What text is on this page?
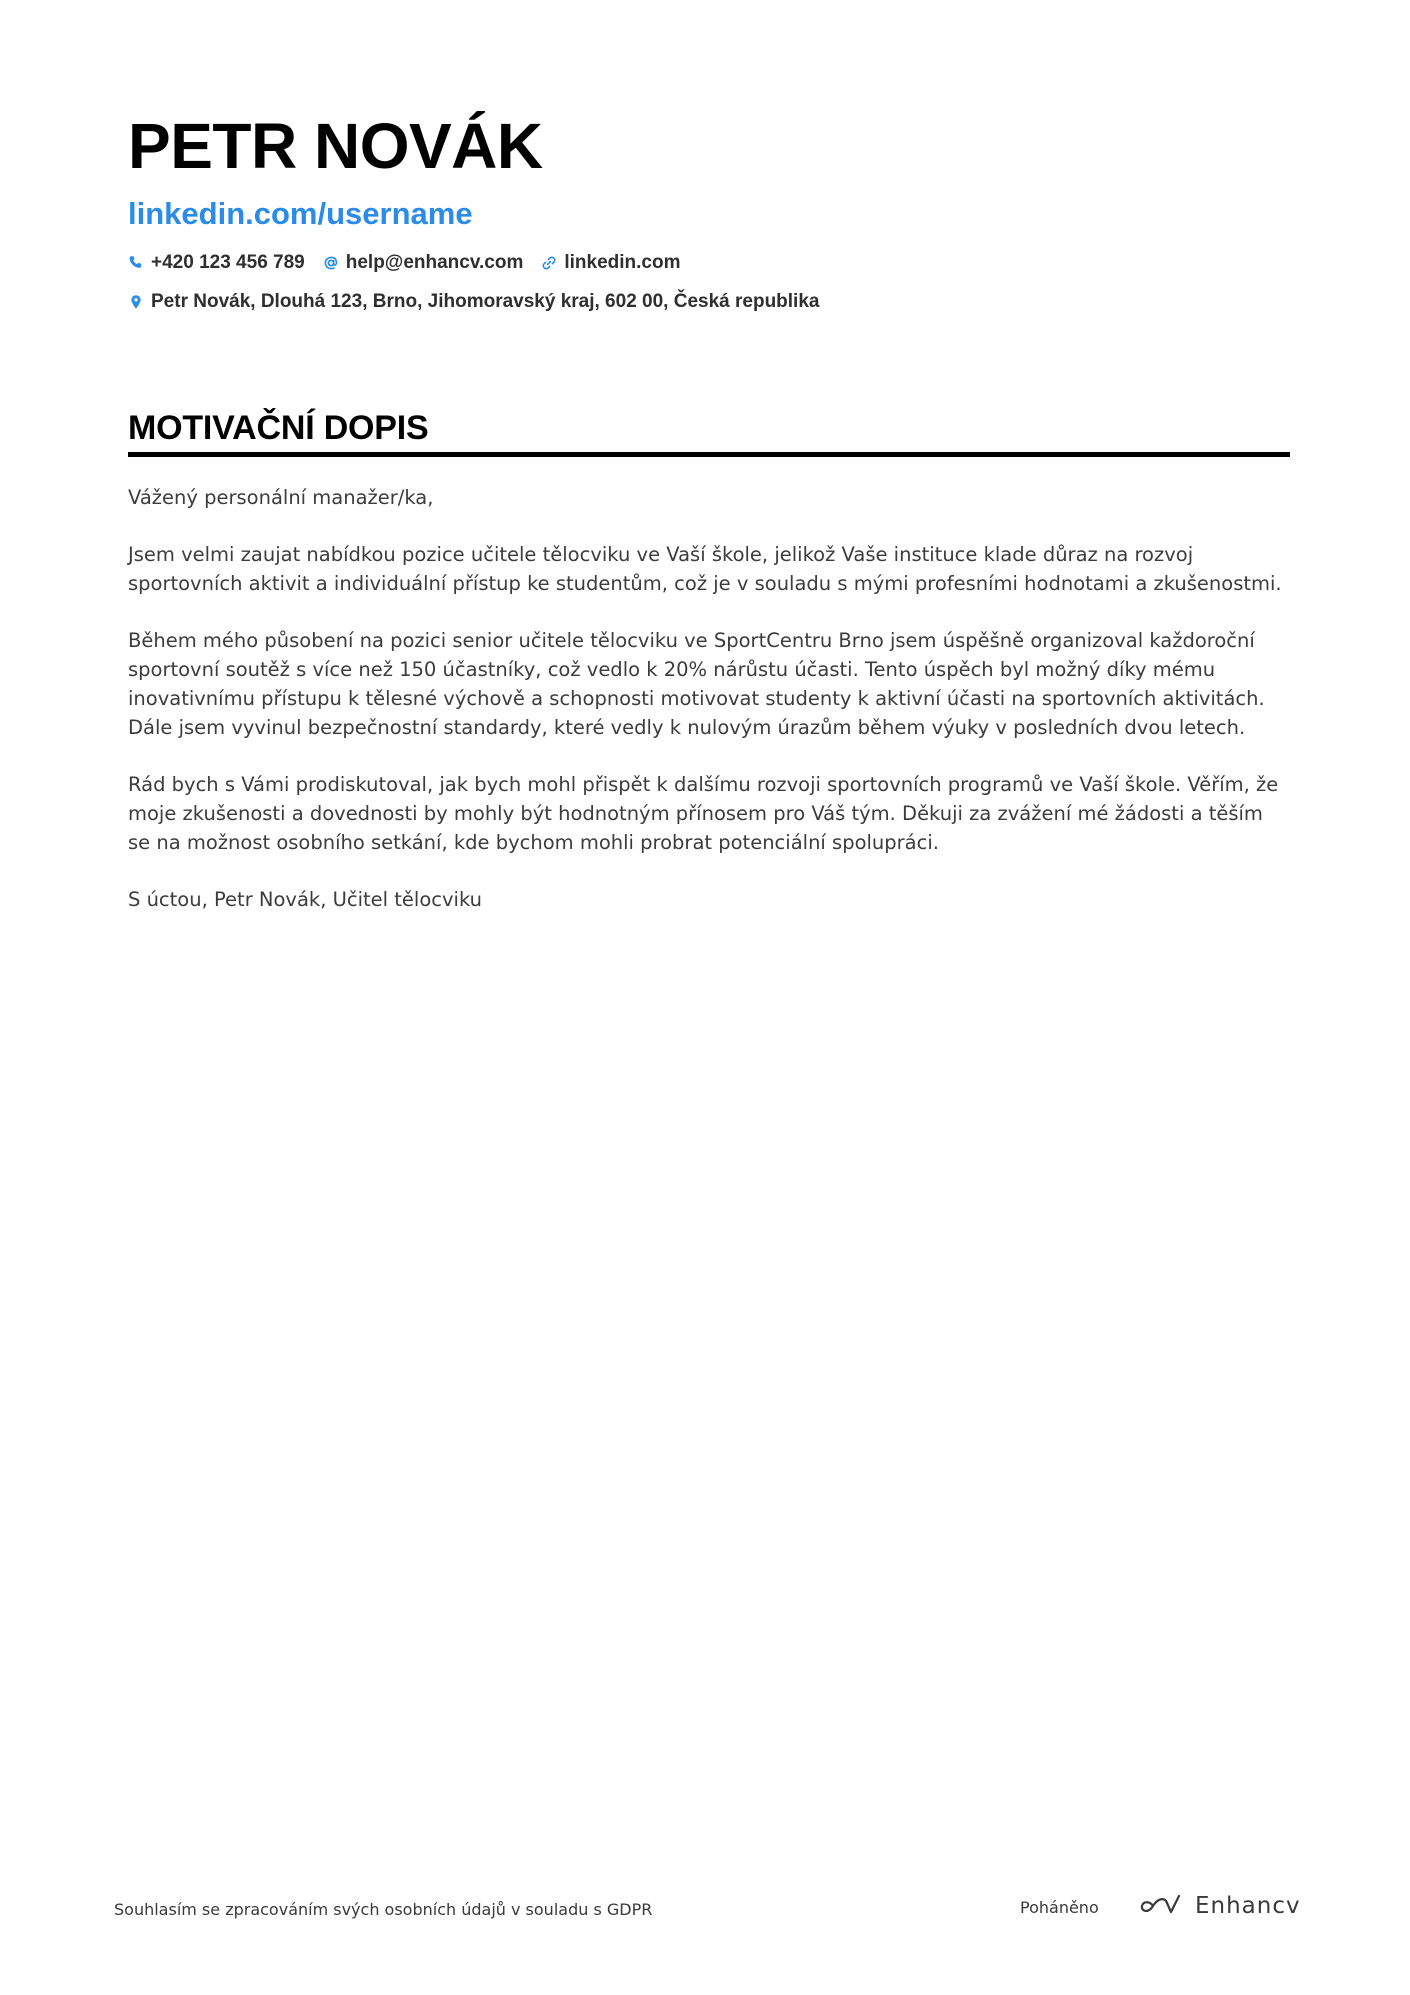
PETR NOVÁK
linkedin.com/username
+420 123 456 789 help@enhancv.com linkedin.com
Petr Novák, Dlouhá 123, Brno, Jihomoravský kraj, 602 00, Česká republika
MOTIVAČNÍ DOPIS

Vážený personální manažer/ka,

Jsem velmi zaujat nabídkou pozice učitele tělocviku ve Vaší škole, jelikož Vaše instituce klade důraz na rozvoj sportovních aktivit a individuální přístup ke studentům, což je v souladu s mými profesními hodnotami a zkušenostmi.

Během mého působení na pozici senior učitele tělocviku ve SportCentru Brno jsem úspěšně organizoval každoroční sportovní soutěž s více než 150 účastníky, což vedlo k 20% nárůstu účasti. Tento úspěch byl možný díky mému inovativnímu přístupu k tělesné výchově a schopnosti motivovat studenty k aktivní účasti na sportovních aktivitách. Dále jsem vyvinul bezpečnostní standardy, které vedly k nulovým úrazům během výuky v posledních dvou letech.

Rád bych s Vámi prodiskutoval, jak bych mohl přispět k dalšímu rozvoji sportovních programů ve Vaší škole. Věřím, že moje zkušenosti a dovednosti by mohly být hodnotným přínosem pro Váš tým. Děkuji za zvážení mé žádosti a těším se na možnost osobního setkání, kde bychom mohli probrat potenciální spolupráci.

S úctou, Petr Novák, Učitel tělocviku

Souhlasím se zpracováním svých osobních údajů v souladu s GDPR	Poháněno	Enhancv
